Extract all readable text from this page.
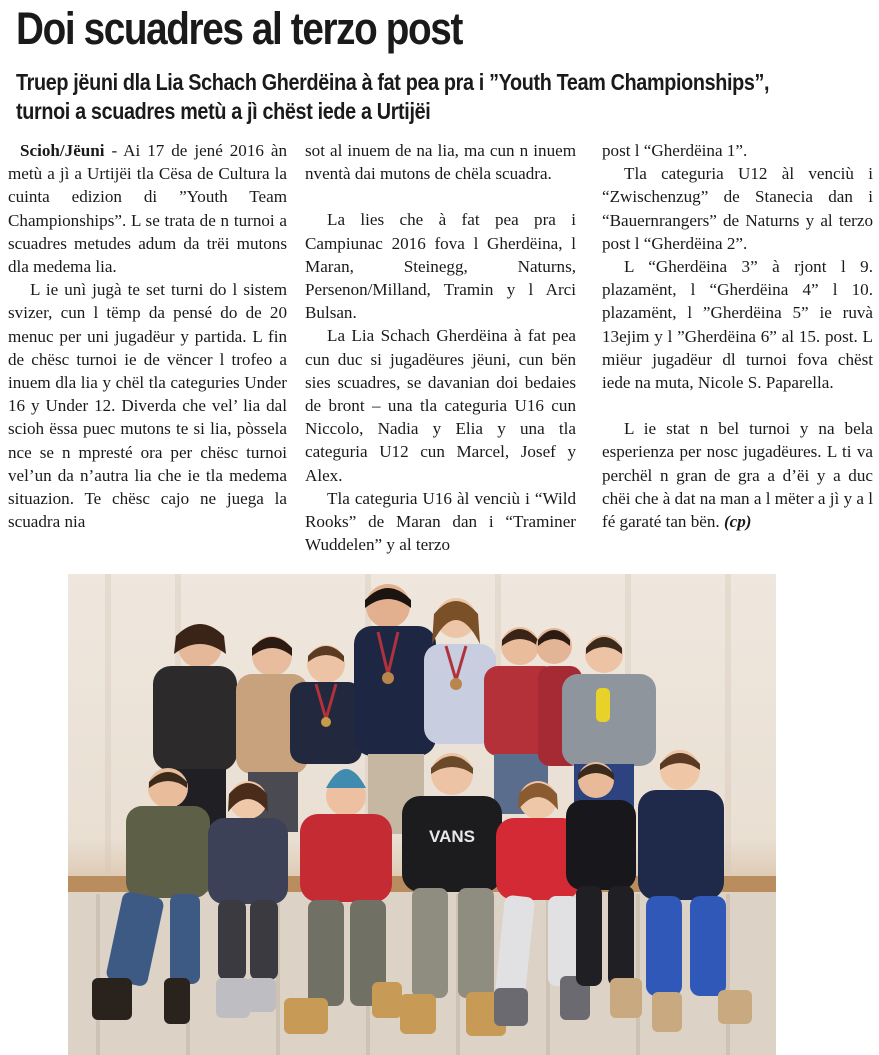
Doi scuadres al terzo post
Truep jëuni dla Lia Schach Gherdëina à fat pea pra i ”Youth Team Championships”,
turnoi a scuadres metù a jì chëst iede a Urtijëi

Scioh/Jëuni - Ai 17 de jené 2016 àn metù a jì a Urtijëi tla Cësa de Cultura la cuinta edizion di ”Youth Team Championships”. L se trata de n turnoi a scuadres metudes adum da trëi mutons dla medema lia.

L ie unì jugà te set turni do l sistem svizer, cun l tëmp da pensé do de 20 menuc per uni jugadëur y partida. L fin de chësc turnoi ie de vëncer l trofeo a inuem dla lia y chël tla categuries Under 16 y Under 12. Diverda che vel’ lia dal scioh ëssa puec mutons te si lia, pòssela nce se n mpresté ora per chësc turnoi vel’un da n’autra lia che ie tla medema situazion. Te chësc cajo ne juega la scuadra nia

sot al inuem de na lia, ma cun n inuem nventà dai mutons de chëla scuadra.

La lies che à fat pea pra i Campiunac 2016 fova l Gherdëina, l Maran, Steinegg, Naturns, Persenon/Milland, Tramin y l Arci Bulsan.

La Lia Schach Gherdëina à fat pea cun duc si jugadëures jëuni, cun bën sies scuadres, se davanian doi bedaies de bront – una tla categuria U16 cun Niccolo, Nadia y Elia y una tla categuria U12 cun Marcel, Josef y Alex.

Tla categuria U16 àl venciù i “Wild Rooks” de Maran dan i “Traminer Wuddelen” y al terzo

post l “Gherdëina 1”.

Tla categuria U12 àl venciù i “Zwischenzug” de Stanecia dan i “Bauernrangers” de Naturns y al terzo post l “Gherdëina 2”.

L “Gherdëina 3” à rjont l 9. plazamënt, l “Gherdëina 4” l 10. plazamënt, l ”Gherdëina 5” ie ruvà 13ejim y l ”Gherdëina 6” al 15. post. L miëur jugadëur dl turnoi fova chëst iede na muta, Nicole S. Paparella.

L ie stat n bel turnoi y na bela esperienza per nosc jugadëures. L ti va perchël n gran de gra a d’ëi y a duc chëi che à dat na man a l mëter a jì y a l fé garaté tan bën. (cp)

VANS
